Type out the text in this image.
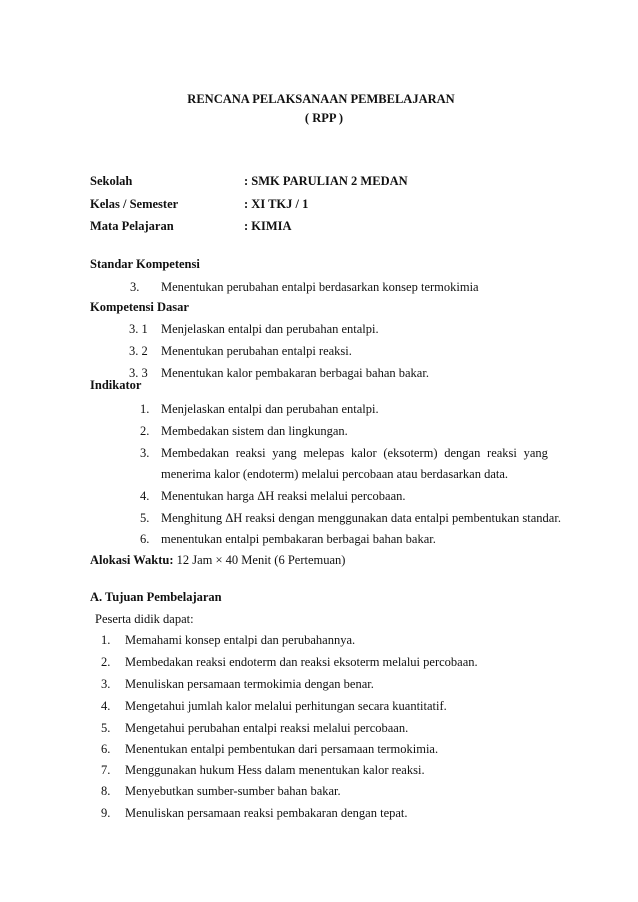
RENCANA PELAKSANAAN PEMBELAJARAN
( RPP )
Sekolah	: SMK PARULIAN 2 MEDAN
Kelas / Semester	: XI TKJ / 1
Mata Pelajaran	: KIMIA
Standar Kompetensi
3. Menentukan perubahan entalpi berdasarkan konsep termokimia
Kompetensi Dasar
3. 1 Menjelaskan entalpi dan perubahan entalpi.
3. 2 Menentukan perubahan entalpi reaksi.
3. 3 Menentukan kalor pembakaran berbagai bahan bakar.
Indikator
1. Menjelaskan entalpi dan perubahan entalpi.
2. Membedakan sistem dan lingkungan.
3. Membedakan reaksi yang melepas kalor (eksoterm) dengan reaksi yang
menerima kalor (endoterm) melalui percobaan atau berdasarkan data.
4. Menentukan harga ΔH reaksi melalui percobaan.
5. Menghitung ΔH reaksi dengan menggunakan data entalpi pembentukan standar.
6. menentukan entalpi pembakaran berbagai bahan bakar.
Alokasi Waktu: 12 Jam × 40 Menit (6 Pertemuan)
A. Tujuan Pembelajaran
Peserta didik dapat:
1. Memahami konsep entalpi dan perubahannya.
2. Membedakan reaksi endoterm dan reaksi eksoterm melalui percobaan.
3. Menuliskan persamaan termokimia dengan benar.
4. Mengetahui jumlah kalor melalui perhitungan secara kuantitatif.
5. Mengetahui perubahan entalpi reaksi melalui percobaan.
6. Menentukan entalpi pembentukan dari persamaan termokimia.
7. Menggunakan hukum Hess dalam menentukan kalor reaksi.
8. Menyebutkan sumber-sumber bahan bakar.
9. Menuliskan persamaan reaksi pembakaran dengan tepat.
